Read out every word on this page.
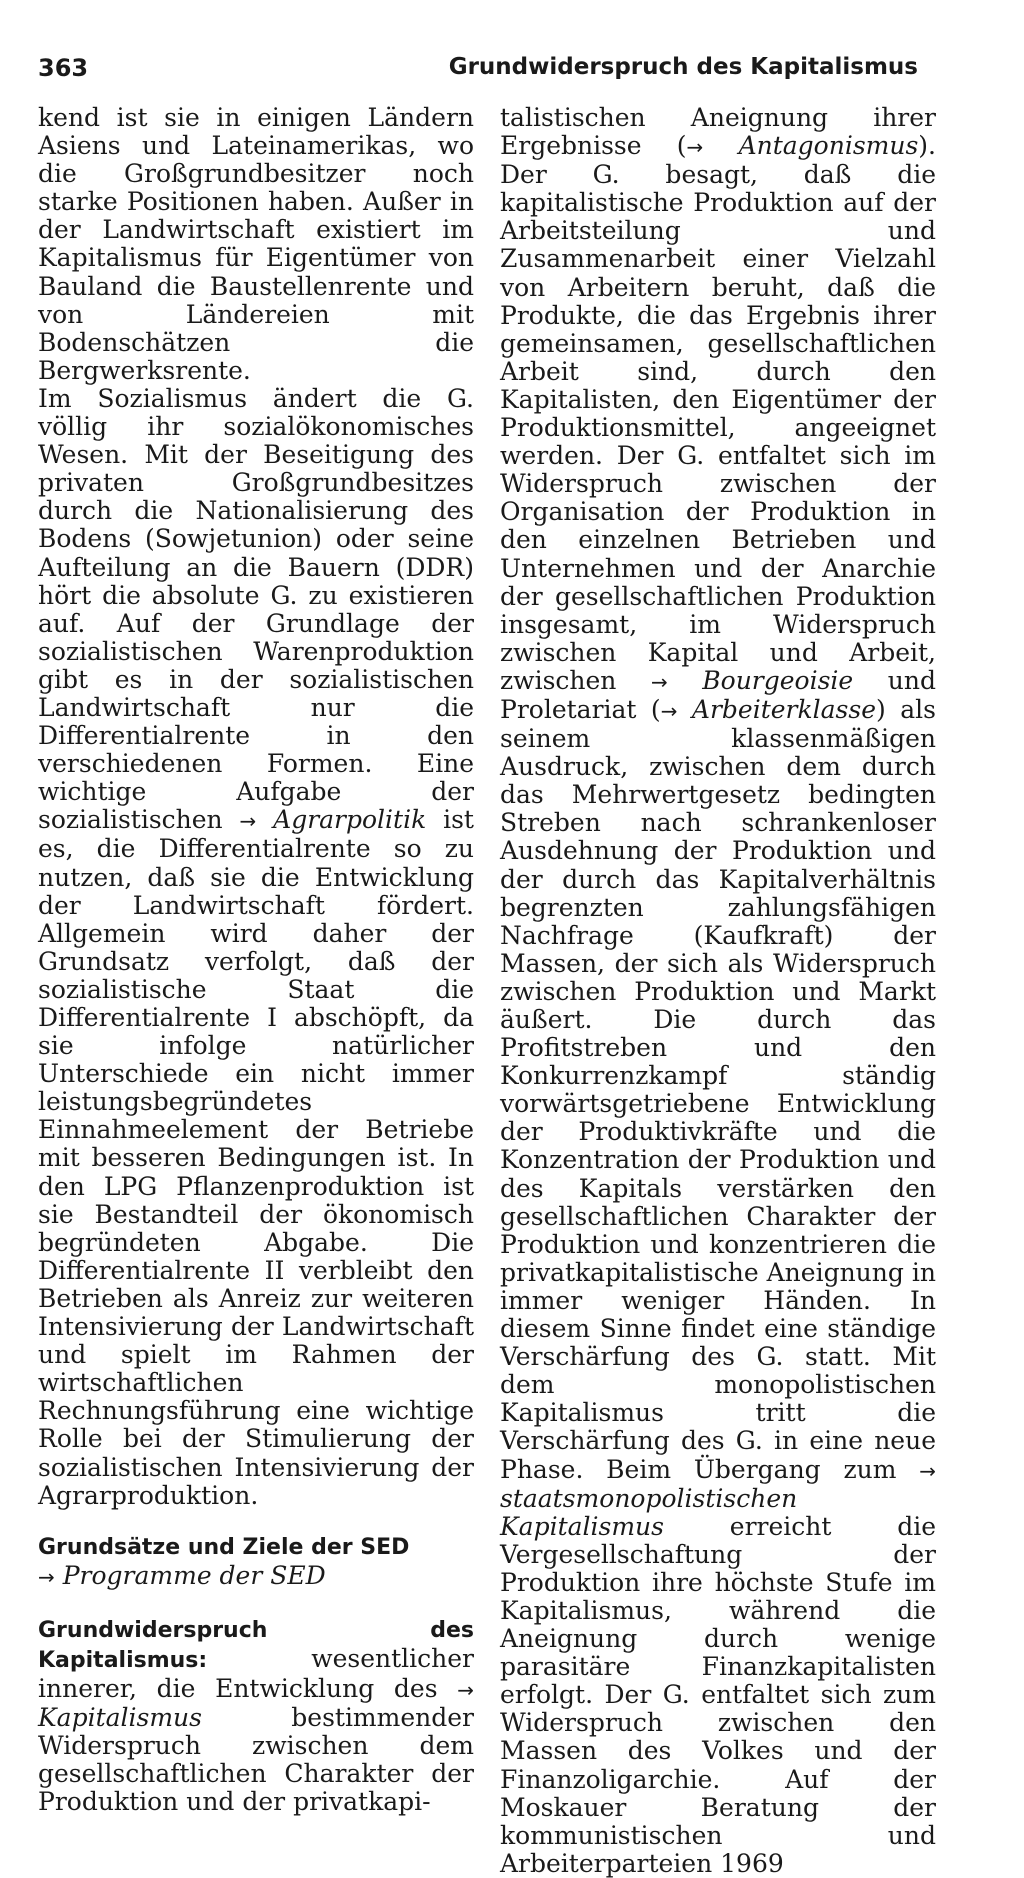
363	Grundwiderspruch des Kapitalismus

kend ist sie in einigen Ländern Asiens und Lateinamerikas, wo die Großgrundbesitzer noch starke Positionen haben. Außer in der Landwirtschaft existiert im Kapitalismus für Eigentümer von Bauland die Baustellenrente und von Ländereien mit Bodenschätzen die Bergwerksrente.

Im Sozialismus ändert die G. völlig ihr sozialökonomisches Wesen. Mit der Beseitigung des privaten Großgrundbesitzes durch die Nationalisierung des Bodens (Sowjetunion) oder seine Aufteilung an die Bauern (DDR) hört die absolute G. zu existieren auf. Auf der Grundlage der sozialistischen Warenproduktion gibt es in der sozialistischen Landwirtschaft nur die Differentialrente in den verschiedenen Formen. Eine wichtige Aufgabe der sozialistischen → Agrarpolitik ist es, die Differentialrente so zu nutzen, daß sie die Entwicklung der Landwirtschaft fördert. Allgemein wird daher der Grundsatz verfolgt, daß der sozialistische Staat die Differentialrente I abschöpft, da sie infolge natürlicher Unterschiede ein nicht immer leistungsbegründetes Einnahmeelement der Betriebe mit besseren Bedingungen ist. In den LPG Pflanzenproduktion ist sie Bestandteil der ökonomisch begründeten Abgabe. Die Differentialrente II verbleibt den Betrieben als Anreiz zur weiteren Intensivierung der Landwirtschaft und spielt im Rahmen der wirtschaftlichen Rechnungsführung eine wichtige Rolle bei der Stimulierung der sozialistischen Intensivierung der Agrarproduktion.

Grundsätze und Ziele der SED

→ Programme der SED

Grundwiderspruch des Kapitalismus:	wesentlicher innerer, die Entwicklung des → Kapitalismus	bestimmender Widerspruch zwischen dem gesellschaftlichen Charakter der Produktion und der privatkapi-

talistischen Aneignung ihrer Ergebnisse (→ Antagonismus). Der G. besagt, daß die kapitalistische Produktion auf der Arbeitsteilung und Zusammenarbeit einer Vielzahl von Arbeitern beruht, daß die Produkte, die das Ergebnis ihrer gemeinsamen, gesellschaftlichen Arbeit sind, durch den Kapitalisten, den Eigentümer der Produktionsmittel, angeeignet werden. Der G. entfaltet sich im Widerspruch zwischen der Organisation der Produktion in den einzelnen Betrieben und Unternehmen und der Anarchie der gesellschaftlichen Produktion insgesamt, im Widerspruch zwischen Kapital und Arbeit, zwischen → Bourgeoisie und Proletariat (→ Arbeiterklasse) als seinem klassenmäßigen Ausdruck, zwischen dem durch das Mehrwertgesetz bedingten Streben nach schrankenloser Ausdehnung der Produktion und der durch das Kapitalverhältnis begrenzten zahlungsfähigen Nachfrage (Kaufkraft) der Massen, der sich als Widerspruch zwischen Produktion und Markt äußert. Die durch das Profitstreben und den Konkurrenzkampf ständig vorwärtsgetriebene Entwicklung der Produktivkräfte und die Konzentration der Produktion und des Kapitals verstärken den gesellschaftlichen Charakter der Produktion und konzentrieren die privatkapitalistische Aneignung in immer weniger Händen. In diesem Sinne findet eine ständige Verschärfung des G. statt. Mit dem monopolistischen Kapitalismus tritt die Verschärfung des G. in eine neue Phase. Beim Übergang zum → staatsmonopolistischen Kapitalismus	erreicht die Vergesellschaftung der Produktion ihre höchste Stufe im Kapitalismus, während die Aneignung durch wenige parasitäre Finanzkapitalisten erfolgt. Der G. entfaltet sich zum Widerspruch zwischen den Massen des Volkes und der Finanzoligarchie. Auf der Moskauer Beratung der kommunistischen und Arbeiterparteien 1969
